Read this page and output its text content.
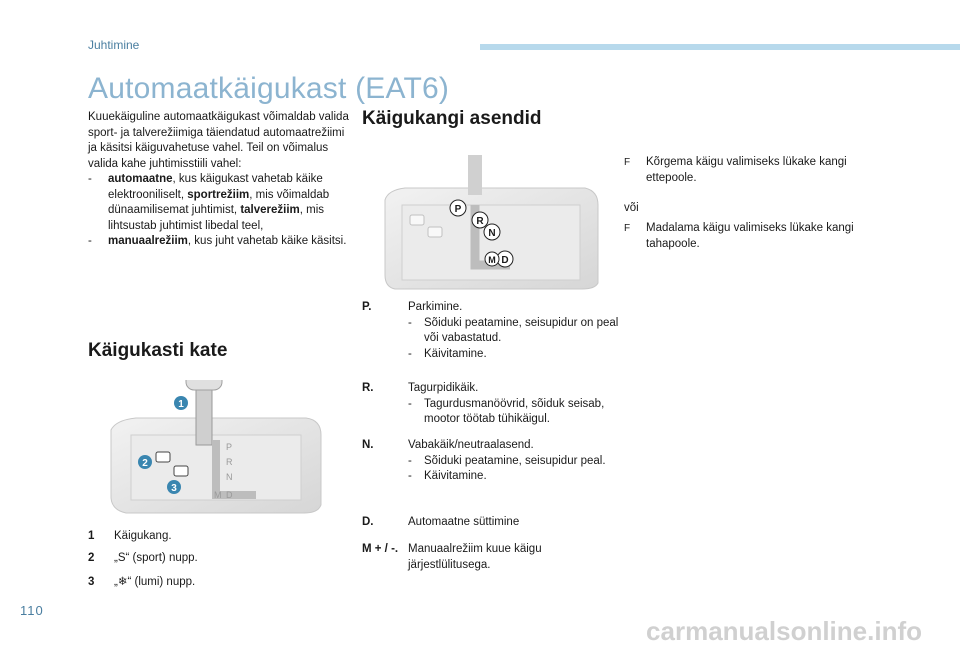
Juhtimine
Automaatkäigukast (EAT6)
Kuuekäiguline automaatkäigukast võimaldab valida sport- ja talverežiimiga täiendatud automaatrežiimi ja käsitsi käiguvahetuse vahel. Teil on võimalus valida kahe juhtimisstiili vahel:
- automaatne, kus käigukast vahetab käike elektrooniliselt, sportrežiim, mis võimaldab dünaamilisemat juhtimist, talverežiim, mis lihtsustab juhtimist libedal teel,
- manuaalrežiim, kus juht vahetab käike käsitsi.
Käigukasti kate
P
R
N
D
M
1
2
3
1 Käigukang.
2 „S“ (sport) nupp.
3 „❄“ (lumi) nupp.
Käigukangi asendid
P
R
N
D
M
P.	Parkimine.
- Sõiduki peatamine, seisupidur on peal või vabastatud.
- Käivitamine.
R.	Tagurpidikäik.
- Tagurdusmanöövrid, sõiduk seisab, mootor töötab tühikäigul.
N.	Vabakäik/neutraalasend.
- Sõiduki peatamine, seisupidur peal.
- Käivitamine.
D.	Automaatne süttimine
M + / -. Manuaalrežiim kuue käigu järjestlülitusega.
F Kõrgema käigu valimiseks lükake kangi ettepoole.
või
F Madalama käigu valimiseks lükake kangi tahapoole.
110
carmanualsonline.info
